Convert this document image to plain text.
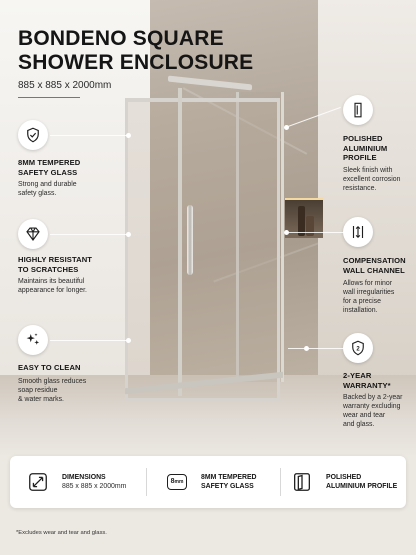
BONDENO SQUARE
SHOWER ENCLOSURE
885 x 885 x 2000mm
8MM TEMPERED
SAFETY GLASS
Strong and durable
safety glass.
HIGHLY RESISTANT
TO SCRATCHES
Maintains its beautiful
appearance for longer.
EASY TO CLEAN
Smooth glass reduces
soap residue
& water marks.
POLISHED
ALUMINIUM
PROFILE
Sleek finish with
excellent corrosion
resistance.
COMPENSATION
WALL CHANNEL
Allows for minor
wall irregularities
for a precise
installation.
2
2-YEAR
WARRANTY*
Backed by a 2-year
warranty excluding
wear and tear
and glass.
DIMENSIONS
885 x 885 x 2000mm
8mm
8MM TEMPERED
SAFETY GLASS
POLISHED
ALUMINIUM PROFILE
*Excludes wear and tear and glass.
